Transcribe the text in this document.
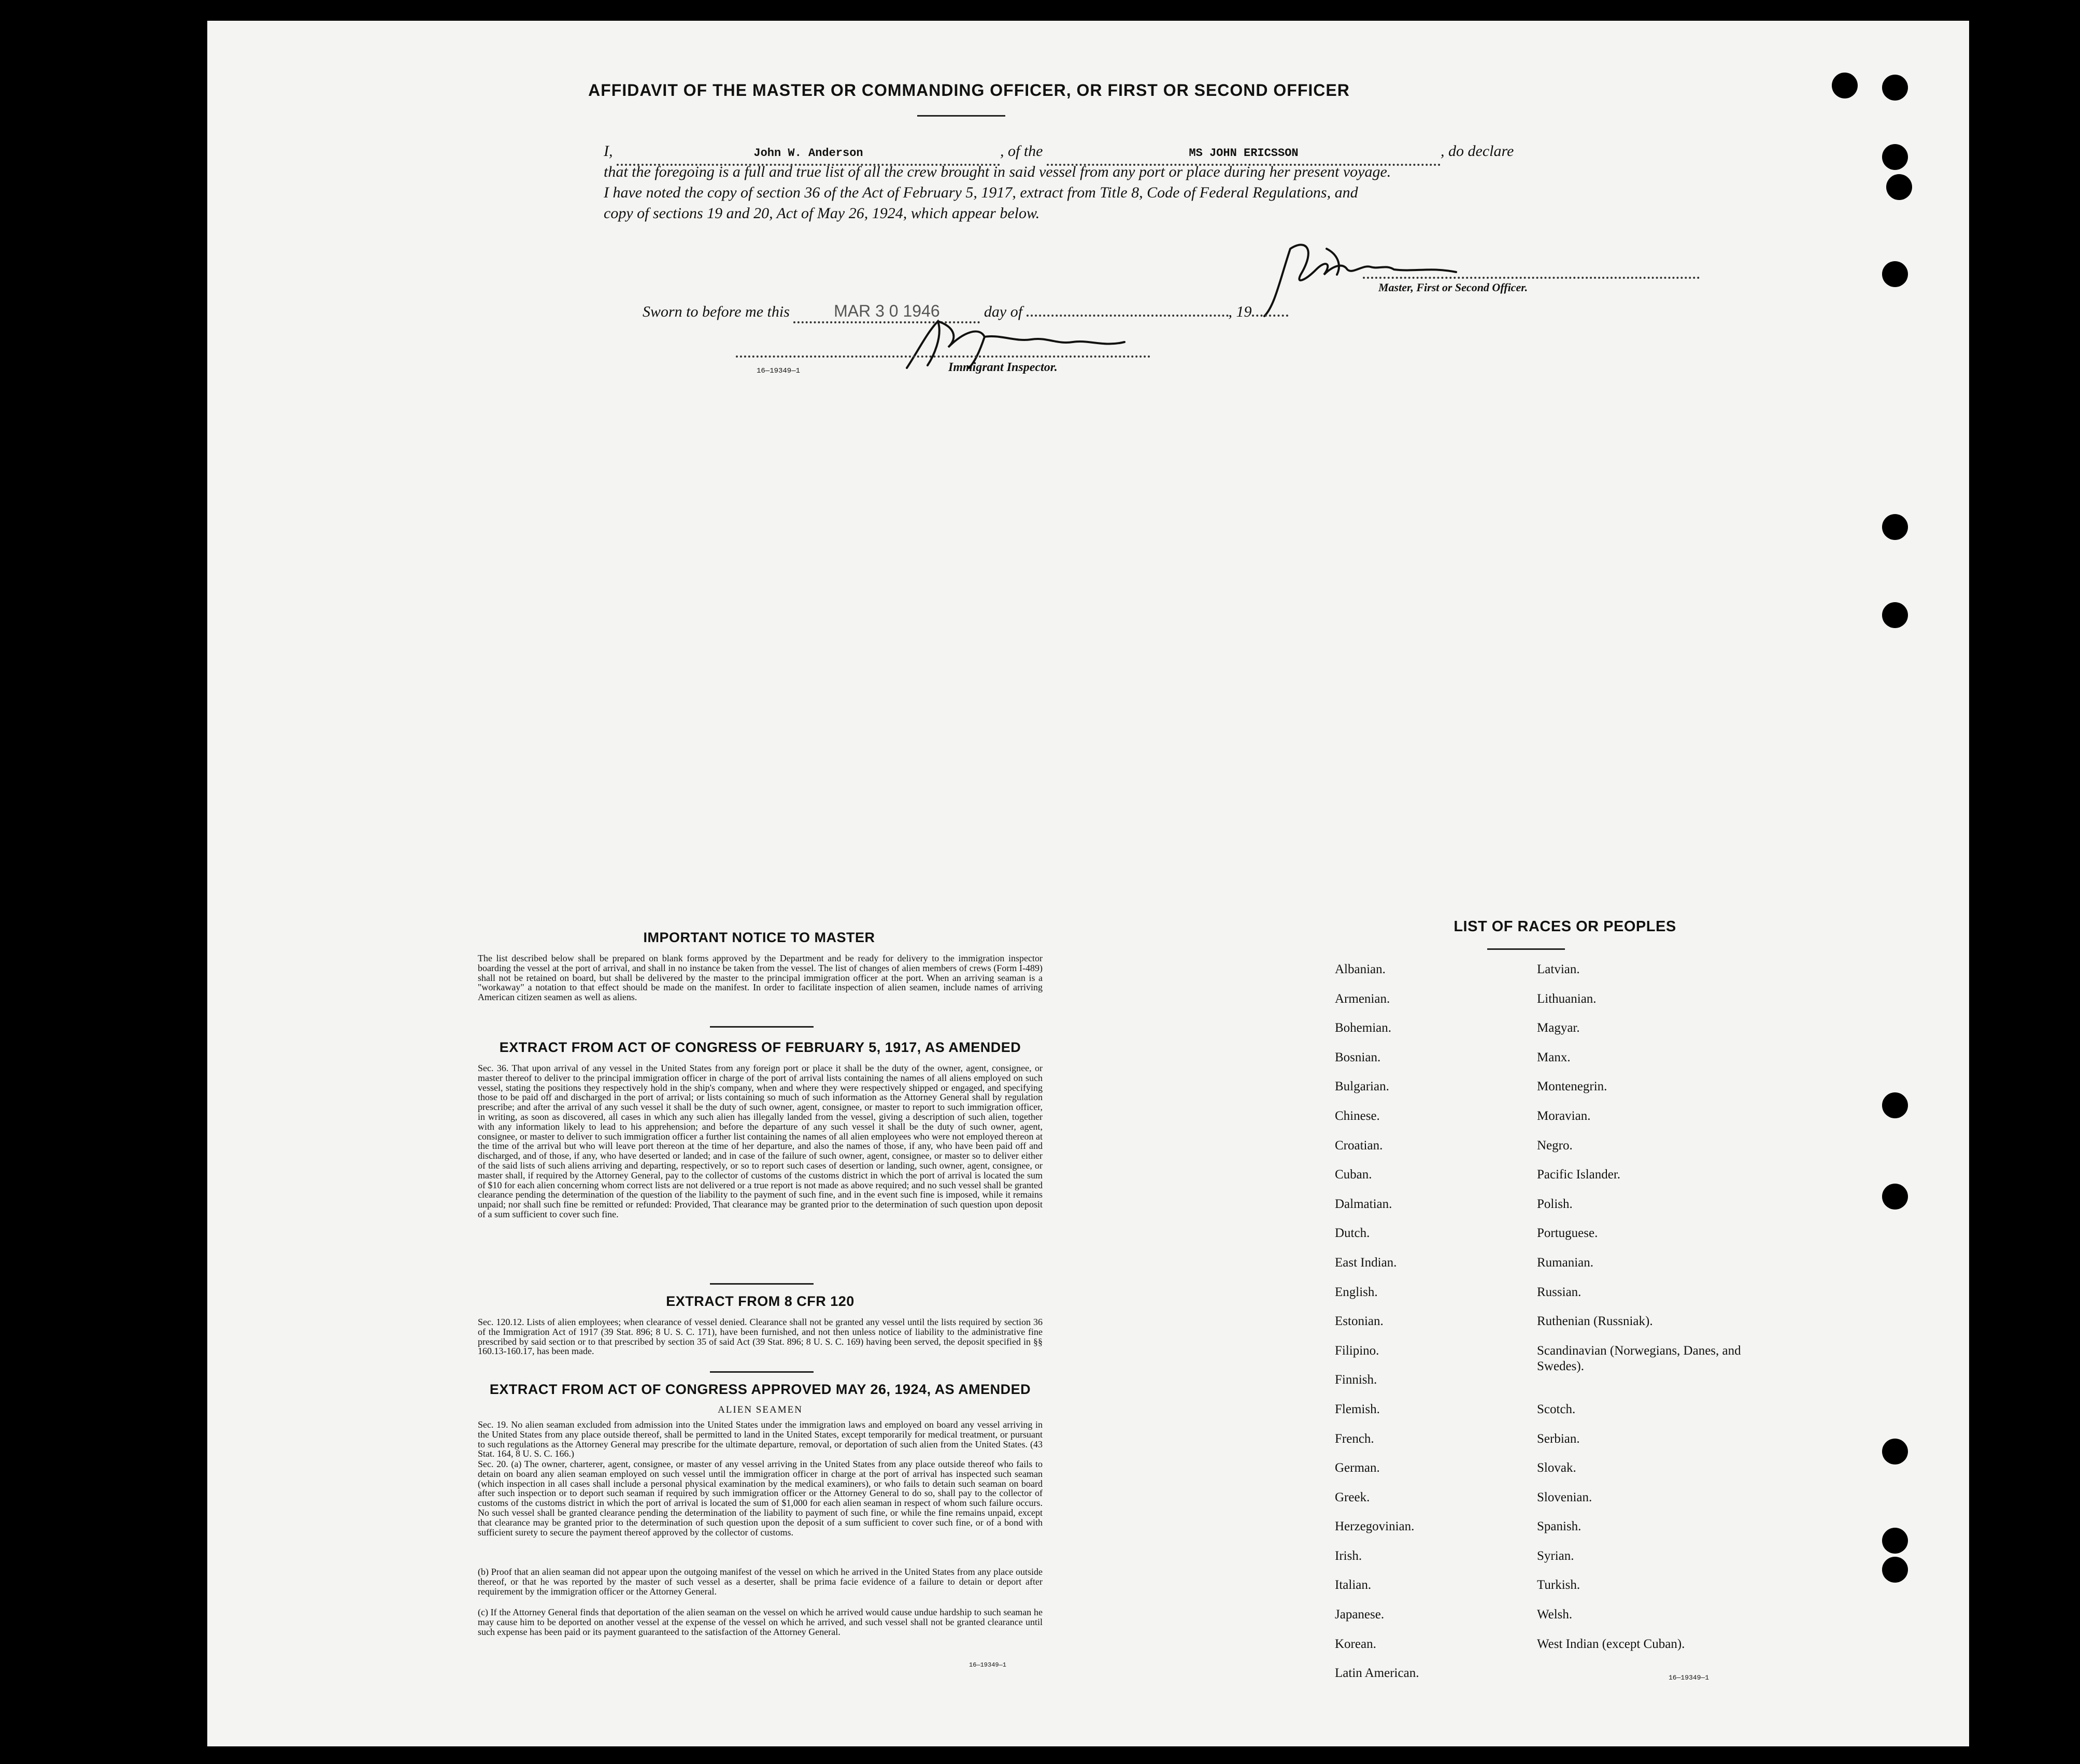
AFFIDAVIT OF THE MASTER OR COMMANDING OFFICER, OR FIRST OR SECOND OFFICER
I,	John W. Anderson	, of the	MS JOHN ERICSSON	, do declare
that the foregoing is a full and true list of all the crew brought in said vessel from any port or place during her present voyage.
I have noted the copy of section 36 of the Act of February 5, 1917, extract from Title 8, Code of Federal Regulations, and
copy of sections 19 and 20, Act of May 26, 1924, which appear below.
Master, First or Second Officer.
Sworn to before me this	MAR 3 0 1946	day of	, 19
16—19349—1	Immigrant Inspector.
IMPORTANT NOTICE TO MASTER
The list described below shall be prepared on blank forms approved by the Department and be ready for delivery to the immigration inspector boarding the vessel at the port of arrival, and shall in no instance be taken from the vessel. The list of changes of alien members of crews (Form I-489) shall not be retained on board, but shall be delivered by the master to the principal immigration officer at the port. When an arriving seaman is a "workaway" a notation to that effect should be made on the manifest. In order to facilitate inspection of alien seamen, include names of arriving American citizen seamen as well as aliens.
EXTRACT FROM ACT OF CONGRESS OF FEBRUARY 5, 1917, AS AMENDED
Sec. 36. That upon arrival of any vessel in the United States from any foreign port or place it shall be the duty of the owner, agent, consignee, or master thereof to deliver to the principal immigration officer in charge of the port of arrival lists containing the names of all aliens employed on such vessel, stating the positions they respectively hold in the ship's company, when and where they were respectively shipped or engaged, and specifying those to be paid off and discharged in the port of arrival; or lists containing so much of such information as the Attorney General shall by regulation prescribe; and after the arrival of any such vessel it shall be the duty of such owner, agent, consignee, or master to report to such immigration officer, in writing, as soon as discovered, all cases in which any such alien has illegally landed from the vessel, giving a description of such alien, together with any information likely to lead to his apprehension; and before the departure of any such vessel it shall be the duty of such owner, agent, consignee, or master to deliver to such immigration officer a further list containing the names of all alien employees who were not employed thereon at the time of the arrival but who will leave port thereon at the time of her departure, and also the names of those, if any, who have been paid off and discharged, and of those, if any, who have deserted or landed; and in case of the failure of such owner, agent, consignee, or master so to deliver either of the said lists of such aliens arriving and departing, respectively, or so to report such cases of desertion or landing, such owner, agent, consignee, or master shall, if required by the Attorney General, pay to the collector of customs of the customs district in which the port of arrival is located the sum of $10 for each alien concerning whom correct lists are not delivered or a true report is not made as above required; and no such vessel shall be granted clearance pending the determination of the question of the liability to the payment of such fine, and in the event such fine is imposed, while it remains unpaid; nor shall such fine be remitted or refunded: Provided, That clearance may be granted prior to the determination of such question upon deposit of a sum sufficient to cover such fine.
EXTRACT FROM 8 CFR 120
Sec. 120.12. Lists of alien employees; when clearance of vessel denied. Clearance shall not be granted any vessel until the lists required by section 36 of the Immigration Act of 1917 (39 Stat. 896; 8 U. S. C. 171), have been furnished, and not then unless notice of liability to the administrative fine prescribed by said section or to that prescribed by section 35 of said Act (39 Stat. 896; 8 U. S. C. 169) having been served, the deposit specified in §§ 160.13-160.17, has been made.
EXTRACT FROM ACT OF CONGRESS APPROVED MAY 26, 1924, AS AMENDED
ALIEN SEAMEN
Sec. 19. No alien seaman excluded from admission into the United States under the immigration laws and employed on board any vessel arriving in the United States from any place outside thereof, shall be permitted to land in the United States, except temporarily for medical treatment, or pursuant to such regulations as the Attorney General may prescribe for the ultimate departure, removal, or deportation of such alien from the United States. (43 Stat. 164, 8 U. S. C. 166.)
Sec. 20. (a) The owner, charterer, agent, consignee, or master of any vessel arriving in the United States from any place outside thereof who fails to detain on board any alien seaman employed on such vessel until the immigration officer in charge at the port of arrival has inspected such seaman (which inspection in all cases shall include a personal physical examination by the medical examiners), or who fails to detain such seaman on board after such inspection or to deport such seaman if required by such immigration officer or the Attorney General to do so, shall pay to the collector of customs of the customs district in which the port of arrival is located the sum of $1,000 for each alien seaman in respect of whom such failure occurs. No such vessel shall be granted clearance pending the determination of the liability to payment of such fine, or while the fine remains unpaid, except that clearance may be granted prior to the determination of such question upon the deposit of a sum sufficient to cover such fine, or of a bond with sufficient surety to secure the payment thereof approved by the collector of customs.
(b) Proof that an alien seaman did not appear upon the outgoing manifest of the vessel on which he arrived in the United States from any place outside thereof, or that he was reported by the master of such vessel as a deserter, shall be prima facie evidence of a failure to detain or deport after requirement by the immigration officer or the Attorney General.
(c) If the Attorney General finds that deportation of the alien seaman on the vessel on which he arrived would cause undue hardship to such seaman he may cause him to be deported on another vessel at the expense of the vessel on which he arrived, and such vessel shall not be granted clearance until such expense has been paid or its payment guaranteed to the satisfaction of the Attorney General.
16—19349—1
LIST OF RACES OR PEOPLES
Albanian.
Armenian.
Bohemian.
Bosnian.
Bulgarian.
Chinese.
Croatian.
Cuban.
Dalmatian.
Dutch.
East Indian.
English.
Estonian.
Filipino.
Finnish.
Flemish.
French.
German.
Greek.
Herzegovinian.
Irish.
Italian.
Japanese.
Korean.
Latin American.
Latvian.
Lithuanian.
Magyar.
Manx.
Montenegrin.
Moravian.
Negro.
Pacific Islander.
Polish.
Portuguese.
Rumanian.
Russian.
Ruthenian (Russniak).
Scandinavian (Norwegians, Danes, and Swedes).
Scotch.
Serbian.
Slovak.
Slovenian.
Spanish.
Syrian.
Turkish.
Welsh.
West Indian (except Cuban).
16—19349—1
